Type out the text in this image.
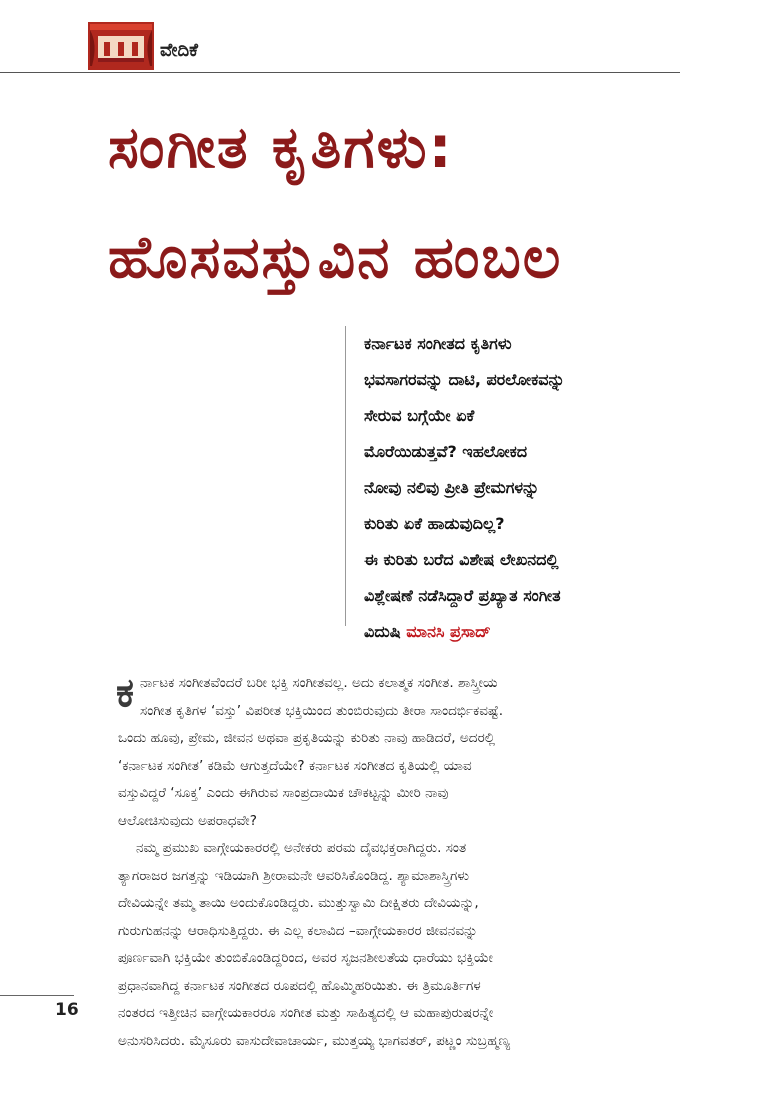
ವೇದಿಕೆ
ಸಂಗೀತ ಕೃತಿಗಳು:
ಹೊಸವಸ್ತುವಿನ ಹಂಬಲ

ಕರ್ನಾಟಕ ಸಂಗೀತದ ಕೃತಿಗಳು

ಭವಸಾಗರವನ್ನು ದಾಟಿ, ಪರಲೋಕವನ್ನು

ಸೇರುವ ಬಗ್ಗೆಯೇ ಏಕೆ

ಮೊರೆಯಿಡುತ್ತವೆ? ಇಹಲೋಕದ

ನೋವು ನಲಿವು ಪ್ರೀತಿ ಪ್ರೇಮಗಳನ್ನು

ಕುರಿತು ಏಕೆ ಹಾಡುವುದಿಲ್ಲ?

ಈ ಕುರಿತು ಬರೆದ ವಿಶೇಷ ಲೇಖನದಲ್ಲಿ

ವಿಶ್ಲೇಷಣೆ ನಡೆಸಿದ್ದಾರೆ ಪ್ರಖ್ಯಾತ ಸಂಗೀತ

ವಿದುಷಿ ಮಾನಸಿ ಪ್ರಸಾದ್

ಕರ್ನಾಟಕ ಸಂಗೀತವೆಂದರೆ ಬರೀ ಭಕ್ತಿ ಸಂಗೀತವಲ್ಲ. ಅದು ಕಲಾತ್ಮಕ ಸಂಗೀತ. ಶಾಸ್ತ್ರೀಯ
ಸಂಗೀತ ಕೃತಿಗಳ ‘ವಸ್ತು’ ವಿಪರೀತ ಭಕ್ತಿಯಿಂದ ತುಂಬಿರುವುದು ತೀರಾ ಸಾಂದರ್ಭಿಕವಷ್ಟೆ.
ಒಂದು ಹೂವು, ಪ್ರೇಮ, ಜೀವನ ಅಥವಾ ಪ್ರಕೃತಿಯನ್ನು ಕುರಿತು ನಾವು ಹಾಡಿದರೆ, ಅದರಲ್ಲಿ
‘ಕರ್ನಾಟಕ ಸಂಗೀತ’ ಕಡಿಮೆ ಆಗುತ್ತದೆಯೇ? ಕರ್ನಾಟಕ ಸಂಗೀತದ ಕೃತಿಯಲ್ಲಿ ಯಾವ
ವಸ್ತುವಿದ್ದರೆ ‘ಸೂಕ್ತ’ ಎಂದು ಈಗಿರುವ ಸಾಂಪ್ರದಾಯಿಕ ಚೌಕಟ್ಟನ್ನು ಮೀರಿ ನಾವು
ಆಲೋಚಿಸುವುದು ಅಪರಾಧವೇ?

ನಮ್ಮ ಪ್ರಮುಖ ವಾಗ್ಗೇಯಕಾರರಲ್ಲಿ ಅನೇಕರು ಪರಮ ದೈವಭಕ್ತರಾಗಿದ್ದರು. ಸಂತ
ತ್ಯಾಗರಾಜರ ಜಗತ್ತನ್ನು ಇಡಿಯಾಗಿ ಶ್ರೀರಾಮನೇ ಆವರಿಸಿಕೊಂಡಿದ್ದ. ಶ್ಯಾಮಾಶಾಸ್ತ್ರಿಗಳು
ದೇವಿಯನ್ನೇ ತಮ್ಮ ತಾಯಿ ಅಂದುಕೊಂಡಿದ್ದರು. ಮುತ್ತುಸ್ವಾಮಿ ದೀಕ್ಷಿತರು ದೇವಿಯನ್ನು,
ಗುರುಗುಹನನ್ನು ಆರಾಧಿಸುತ್ತಿದ್ದರು. ಈ ಎಲ್ಲ ಕಲಾವಿದ –ವಾಗ್ಗೇಯಕಾರರ ಜೀವನವನ್ನು
ಪೂರ್ಣವಾಗಿ ಭಕ್ತಿಯೇ ತುಂಬಿಕೊಂಡಿದ್ದರಿಂದ, ಅವರ ಸೃಜನಶೀಲತೆಯ ಧಾರೆಯು ಭಕ್ತಿಯೇ
ಪ್ರಧಾನವಾಗಿದ್ದ ಕರ್ನಾಟಕ ಸಂಗೀತದ ರೂಪದಲ್ಲಿ ಹೊಮ್ಮಿಹರಿಯಿತು. ಈ ತ್ರಿಮೂರ್ತಿಗಳ
ನಂತರದ ಇತ್ತೀಚಿನ ವಾಗ್ಗೇಯಕಾರರೂ ಸಂಗೀತ ಮತ್ತು ಸಾಹಿತ್ಯದಲ್ಲಿ ಆ ಮಹಾಪುರುಷರನ್ನೇ
ಅನುಸರಿಸಿದರು. ಮೈಸೂರು ವಾಸುದೇವಾಚಾರ್ಯ, ಮುತ್ತಯ್ಯ ಭಾಗವತರ್, ಪಟ್ಣಂ ಸುಬ್ರಹ್ಮಣ್ಯ

16
